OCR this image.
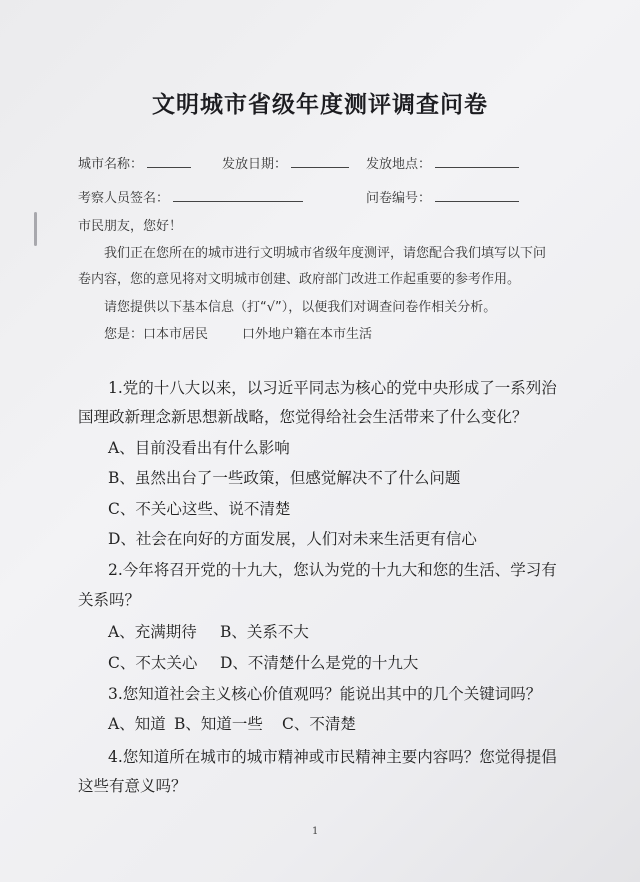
文明城市省级年度测评调查问卷
城市名称：	发放日期：	发放地点：
考察人员签名：	问卷编号：
市民朋友，您好！
我们正在您所在的城市进行文明城市省级年度测评，请您配合我们填写以下问
卷内容，您的意见将对文明城市创建、政府部门改进工作起重要的参考作用。
请您提供以下基本信息（打“√”），以便我们对调查问卷作相关分析。
您是：口本市居民	口外地户籍在本市生活
1.党的十八大以来，以习近平同志为核心的党中央形成了一系列治
国理政新理念新思想新战略，您觉得给社会生活带来了什么变化？
A、目前没看出有什么影响
B、虽然出台了一些政策，但感觉解决不了什么问题
C、不关心这些、说不清楚
D、社会在向好的方面发展，人们对未来生活更有信心
2.今年将召开党的十九大，您认为党的十九大和您的生活、学习有
关系吗？
A、充满期待 B、关系不大
C、不太关心 D、不清楚什么是党的十九大
3.您知道社会主义核心价值观吗？能说出其中的几个关键词吗？
A、知道 B、知道一些 C、不清楚
4.您知道所在城市的城市精神或市民精神主要内容吗？您觉得提倡
这些有意义吗？
1
